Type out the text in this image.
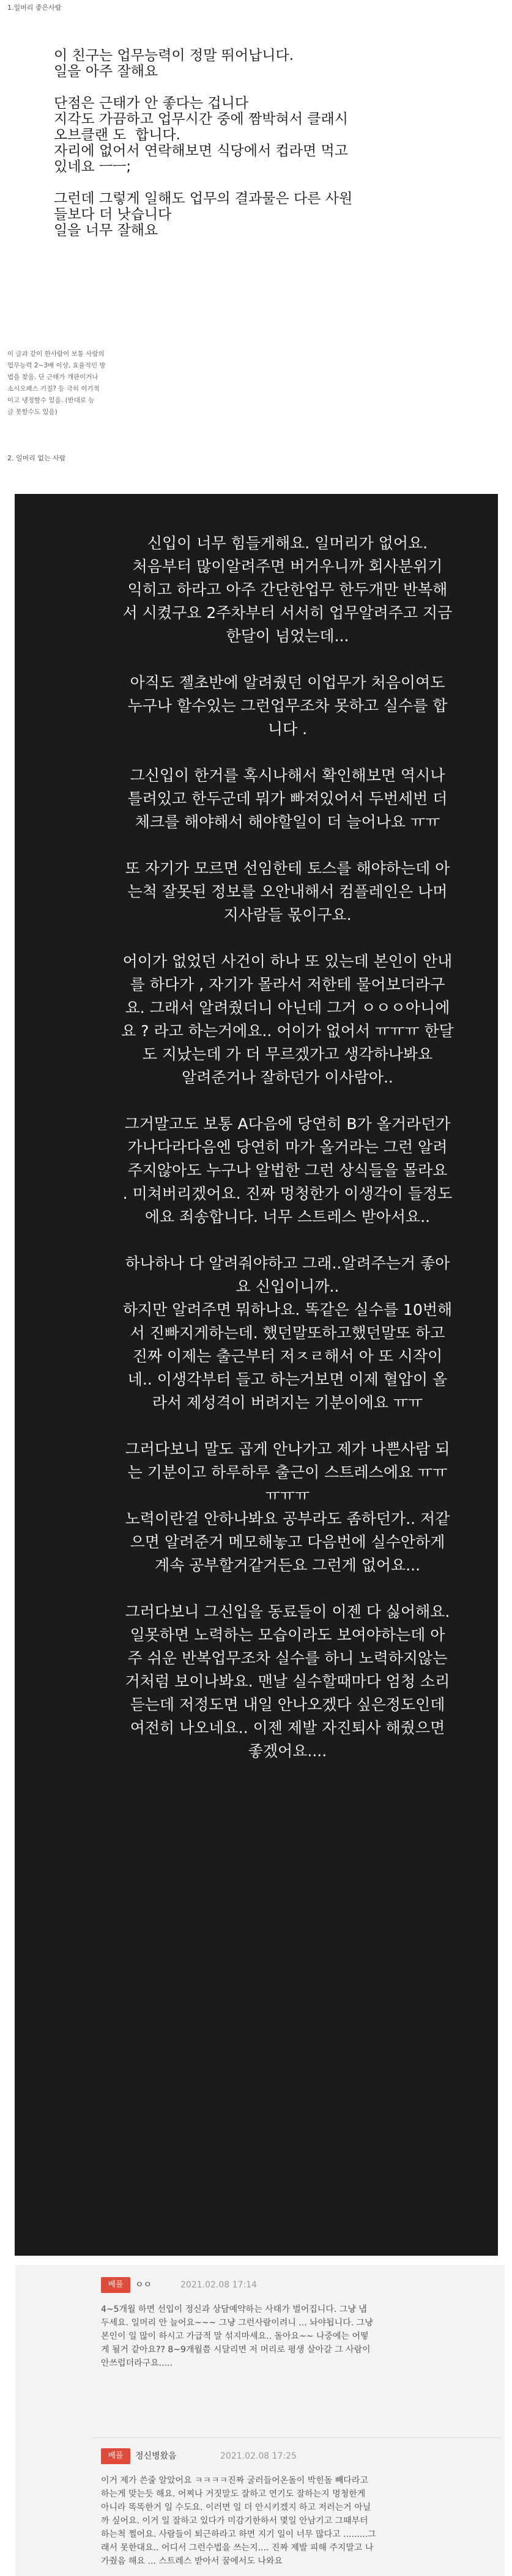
1.일머리 좋은사람
이 친구는 업무능력이 정말 뛰어납니다.
일을 아주 잘해요

단점은 근태가 안 좋다는 겁니다
지각도 가끔하고 업무시간 중에 짬박혀서 클래시
오브클랜 도  합니다.
자리에 없어서 연락해보면 식당에서 컵라면 먹고
있네요 ㅡㅡ;

그런데 그렇게 일해도 업무의 결과물은 다른 사원
들보다 더 낫습니다
일을 너무 잘해요
이 글과 같이 한사람이 보통 사람의
업무능력 2~3배 이상, 효율적인 방
법을 찾음. 단 근태가 개판이거나
소시오패스 기질? 등 극히 이기적
이고 냉정할수 있음. (반대로 능
글 못할수도 있음)
2. 일머리 없는 사람
신입이 너무 힘들게해요. 일머리가 없어요.
처음부터 많이알려주면 버거우니까 회사분위기
익히고 하라고 아주 간단한업무 한두개만 반복해
서 시켰구요 2주차부터 서서히 업무알려주고 지금
한달이 넘었는데...

아직도 젤초반에 알려줬던 이업무가 처음이여도
누구나 할수있는 그런업무조차 못하고 실수를 합
니다 .

그신입이 한거를 혹시나해서 확인해보면 역시나
틀려있고 한두군데 뭐가 빠져있어서 두번세번 더
체크를 해야해서 해야할일이 더 늘어나요 ㅠㅠ

또 자기가 모르면 선임한테 토스를 해야하는데 아
는척 잘못된 정보를 오안내해서 컴플레인은 나머
지사람들 몫이구요.

어이가 없었던 사건이 하나 또 있는데 본인이 안내
를 하다가 , 자기가 몰라서 저한테 물어보더라구
요. 그래서 알려줬더니 아닌데 그거 ㅇㅇㅇ아니에
요 ? 라고 하는거에요.. 어이가 없어서 ㅠㅠㅠ 한달
도 지났는데 가 더 무르겠가고 생각하나봐요
알려준거나 잘하던가 이사람아..

그거말고도 보통 A다음에 당연히 B가 올거라던가
가나다라다음엔 당연히 마가 올거라는 그런 알려
주지않아도 누구나 알법한 그런 상식들을 몰라요
. 미쳐버리겠어요. 진짜 멍청한가 이생각이 들정도
에요 죄송합니다. 너무 스트레스 받아서요..

하나하나 다 알려줘야하고 그래..알려주는거 좋아
요 신입이니까..
하지만 알려주면 뭐하나요. 똑같은 실수를 10번해
서 진빠지게하는데. 했던말또하고했던말또 하고
진짜 이제는 출근부터 저ㅈㄹ해서 아 또 시작이
네.. 이생각부터 들고 하는거보면 이제 혈압이 올
라서 제성격이 버려지는 기분이에요 ㅠㅠ

그러다보니 말도 곱게 안나가고 제가 나쁜사람 되
는 기분이고 하루하루 출근이 스트레스에요 ㅠㅠ
ㅠㅠㅠ
노력이란걸 안하나봐요 공부라도 좀하던가.. 저같
으면 알려준거 메모해놓고 다음번에 실수안하게
계속 공부할거같거든요 그런게 없어요...

그러다보니 그신입을 동료들이 이젠 다 싫어해요.
일못하면 노력하는 모습이라도 보여야하는데 아
주 쉬운 반복업무조차 실수를 하니 노력하지않는
거처럼 보이나봐요. 맨날 실수할때마다 엄청 소리
듣는데 저정도면 내일 안나오겠다 싶은정도인데
여전히 나오네요.. 이젠 제발 자진퇴사 해줬으면
좋겠어요....
베플	ㅇㅇ	2021.02.08 17:14
4~5개월 하면 선입이 정신과 상담예약하는 사태가 벌어집니다. 그냥 냅
두세요. 일머리 안 늘어요~~~ 그냥 그런사람이려니 ... 놔야됩니다. 그냥
본인이 일 많이 하시고 가급적 말 섞지마세요.. 돌아요~~ 나중에는 어떻
게 될거 같아요?? 8~9개월쯤 시달리면 저 머리로 평생 살아갈 그 사람이
안쓰럽더라구요.....
베플	정신병왔음	2021.02.08 17:25
이거 제가 쓴줄 알았어요 ㅋㅋㅋㅋ진짜 굴러들어온돌이 박힌돌 빼다라고
하는게 맞는듯 해요. 어찌나 거짓말도 잘하고 연기도 잘하는지 멍청한게
아니라 똑똑한거 일 수도요. 이러면 일 더 안시키겠지 하고 저러는거 아닐
까 싶어요. 이거 일 잘하고 있다가 미감기한하서 몇일 안남기고 그때부터
하는척 쩔어요. 사람들이 퇴근하라고 하면 지기 일이 너무 많다고 .........그
래서 못한대요.. 어디서 그런수법을 쓰는지.... 진짜 제발 피해 주지말고 나
가줬음 해요 ... 스트레스 받아서 꿈에서도 나와요
